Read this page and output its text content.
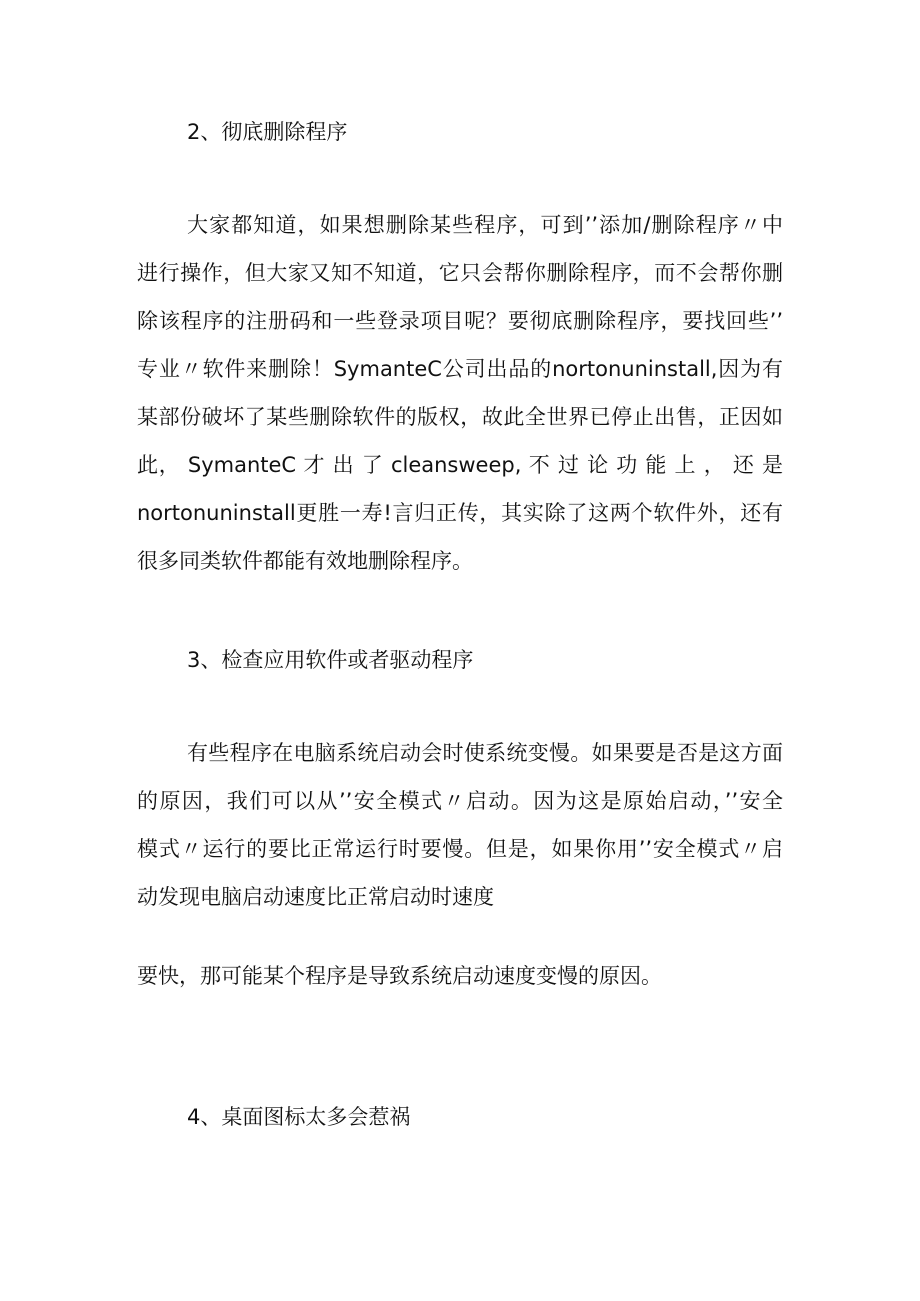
2、彻底删除程序
大家都知道，如果想删除某些程序，可到’’添加/删除程序〃中
进行操作，但大家又知不知道，它只会帮你删除程序，而不会帮你删
除该程序的注册码和一些登录项目呢？要彻底删除程序，要找回些’’
专业〃软件来删除！SymanteC公司出品的nortonuninstall,因为有
某部份破坏了某些删除软件的版权，故此全世界已停止出售，正因如
此， SymanteC 才 出 了 cleansweep, 不 过 论 功 能 上 ， 还 是
nortonuninstall更胜一寿!言归正传，其实除了这两个软件外，还有
很多同类软件都能有效地删除程序。
3、检查应用软件或者驱动程序
有些程序在电脑系统启动会时使系统变慢。如果要是否是这方面
的原因，我们可以从’’安全模式〃启动。因为这是原始启动，’’安全
模式〃运行的要比正常运行时要慢。但是，如果你用’’安全模式〃启
动发现电脑启动速度比正常启动时速度
要快，那可能某个程序是导致系统启动速度变慢的原因。
4、桌面图标太多会惹祸
